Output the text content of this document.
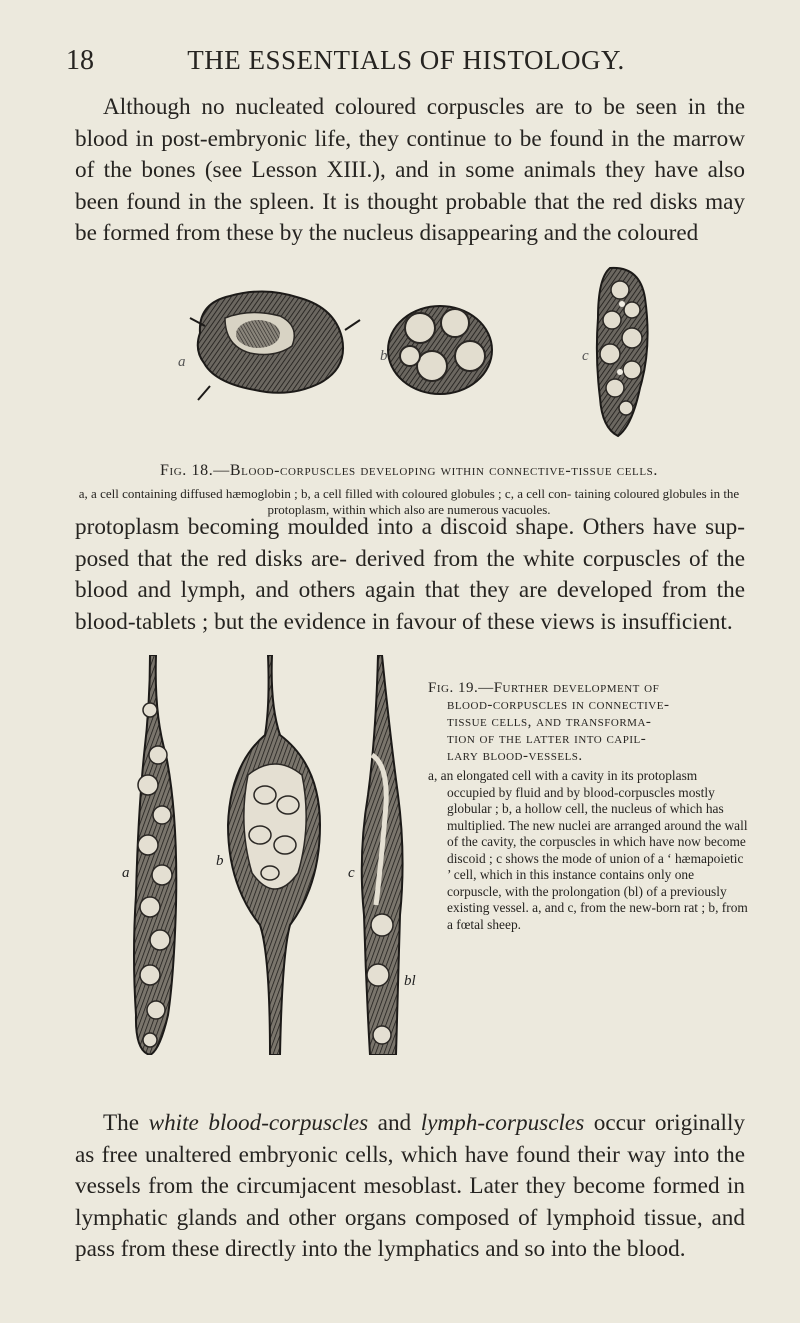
18	THE ESSENTIALS OF HISTOLOGY.

Although no nucleated coloured corpuscles are to be seen in the blood in post-embryonic life, they continue to be found in the marrow of the bones (see Lesson XIII.), and in some animals they have also been found in the spleen. It is thought probable that the red disks may be formed from these by the nucleus disappearing and the coloured

a	b	c
Fig. 18.—Blood-corpuscles developing within connective-tissue cells.
a, a cell containing diffused hæmoglobin ; b, a cell filled with coloured globules ; c, a cell con- taining coloured globules in the protoplasm, within which also are numerous vacuoles.

protoplasm becoming moulded into a discoid shape. Others have sup- posed that the red disks are- derived from the white corpuscles of the blood and lymph, and others again that they are developed from the blood-tablets ; but the evidence in favour of these views is insufficient.

a
b
c
bl
Fig. 19.—Further development of
blood-corpuscles in connective-
tissue cells, and transforma-
tion of the latter into capil-
lary blood-vessels.
a, an elongated cell with a cavity in its protoplasm occupied by fluid and by blood-corpuscles mostly globular ; b, a hollow cell, the nucleus of which has multiplied. The new nuclei are arranged around the wall of the cavity, the corpuscles in which have now become discoid ; c shows the mode of union of a ‘ hæmapoietic ’ cell, which in this instance contains only one corpuscle, with the prolongation (bl) of a previously existing vessel. a, and c, from the new-born rat ; b, from a fœtal sheep.

The white blood-corpuscles and lymph-corpuscles occur originally as free unaltered embryonic cells, which have found their way into the vessels from the circumjacent mesoblast. Later they become formed in lymphatic glands and other organs composed of lymphoid tissue, and pass from these directly into the lymphatics and so into the blood.
